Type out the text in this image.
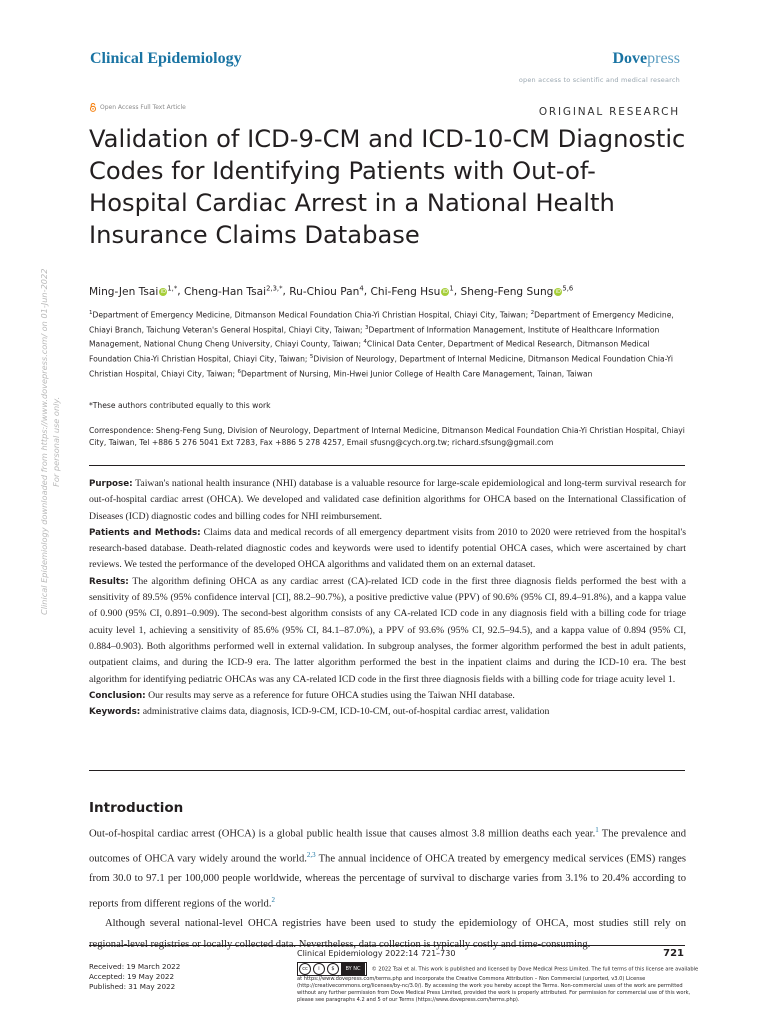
Clinical Epidemiology	Dovepress
open access to scientific and medical research
Open Access Full Text Article	ORIGINAL RESEARCH
Validation of ICD-9-CM and ICD-10-CM Diagnostic Codes for Identifying Patients with Out-of-Hospital Cardiac Arrest in a National Health Insurance Claims Database
Ming-Jen Tsai $iD^{1,*}$, Cheng-Han Tsai$^{2,3,*}$, Ru-Chiou Pan$^4$, Chi-Feng Hsu $iD^1$, Sheng-Feng Sung iD$^{5,6}$

$^1$Department of Emergency Medicine, Ditmanson Medical Foundation Chia-Yi Christian Hospital, Chiayi City, Taiwan; $^2$Department of Emergency Medicine, Chiayi Branch, Taichung Veteran's General Hospital, Chiayi City, Taiwan; $^3$Department of Information Management, Institute of Healthcare Information Management, National Chung Cheng University, Chiayi County, Taiwan; $^4$Clinical Data Center, Department of Medical Research, Ditmanson Medical Foundation Chia-Yi Christian Hospital, Chiayi City, Taiwan; $^5$Division of Neurology, Department of Internal Medicine, Ditmanson Medical Foundation Chia-Yi Christian Hospital, Chiayi City, Taiwan; $^6$Department of Nursing, Min-Hwei Junior College of Health Care Management, Tainan, Taiwan

*These authors contributed equally to this work

Correspondence: Sheng-Feng Sung, Division of Neurology, Department of Internal Medicine, Ditmanson Medical Foundation Chia-Yi Christian Hospital, Chiayi City, Taiwan, Tel +886 5 276 5041 Ext 7283, Fax +886 5 278 4257, Email sfusng@cych.org.tw; richard.sfsung@gmail.com

Purpose: Taiwan's national health insurance (NHI) database is a valuable resource for large-scale epidemiological and long-term survival research for out-of-hospital cardiac arrest (OHCA). We developed and validated case definition algorithms for OHCA based on the International Classification of Diseases (ICD) diagnostic codes and billing codes for NHI reimbursement.

Patients and Methods: Claims data and medical records of all emergency department visits from 2010 to 2020 were retrieved from the hospital's research-based database. Death-related diagnostic codes and keywords were used to identify potential OHCA cases, which were ascertained by chart reviews. We tested the performance of the developed OHCA algorithms and validated them on an external dataset.

Results: The algorithm defining OHCA as any cardiac arrest (CA)-related ICD code in the first three diagnosis fields performed the best with a sensitivity of 89.5% (95% confidence interval [CI], 88.2–90.7%), a positive predictive value (PPV) of 90.6% (95% CI, 89.4–91.8%), and a kappa value of 0.900 (95% CI, 0.891–0.909). The second-best algorithm consists of any CA-related ICD code in any diagnosis field with a billing code for triage acuity level 1, achieving a sensitivity of 85.6% (95% CI, 84.1–87.0%), a PPV of 93.6% (95% CI, 92.5–94.5), and a kappa value of 0.894 (95% CI, 0.884–0.903). Both algorithms performed well in external validation. In subgroup analyses, the former algorithm performed the best in adult patients, outpatient claims, and during the ICD-9 era. The latter algorithm performed the best in the inpatient claims and during the ICD-10 era. The best algorithm for identifying pediatric OHCAs was any CA-related ICD code in the first three diagnosis fields with a billing code for triage acuity level 1.

Conclusion: Our results may serve as a reference for future OHCA studies using the Taiwan NHI database.

Keywords: administrative claims data, diagnosis, ICD-9-CM, ICD-10-CM, out-of-hospital cardiac arrest, validation

Introduction

Out-of-hospital cardiac arrest (OHCA) is a global public health issue that causes almost 3.8 million deaths each year.$^1$ The prevalence and outcomes of OHCA vary widely around the world.$^{2,3}$ The annual incidence of OHCA treated by emergency medical services (EMS) ranges from 30.0 to 97.1 per 100,000 people worldwide, whereas the percentage of survival to discharge varies from 3.1% to 20.4% according to reports from different regions of the world.$^2$

Although several national-level OHCA registries have been used to study the epidemiology of OHCA, most studies still rely on

Clinical Epidemiology 2022:14 721–730	721
Received: 19 March 2022
Accepted: 19 May 2022
Published: 31 May 2022
cc	i	$	BY NC	© 2022 Tsai et al. This work is published and licensed by Dove Medical Press Limited. The full terms of this license are available at https://www.dovepress.com/terms.php and incorporate the Creative Commons Attribution – Non Commercial (unported, v3.0) License (http://creativecommons.org/licenses/by-nc/3.0/). By accessing the work you hereby accept the Terms. Non-commercial uses of the work are permitted without any further permission from Dove Medical Press Limited, provided the work is properly attributed. For permission for commercial use of this work, please see paragraphs 4.2 and 5 of our Terms (https://www.dovepress.com/terms.php).
Clinical Epidemiology downloaded from https://www.dovepress.com/ on 01-Jun-2022 For personal use only.
